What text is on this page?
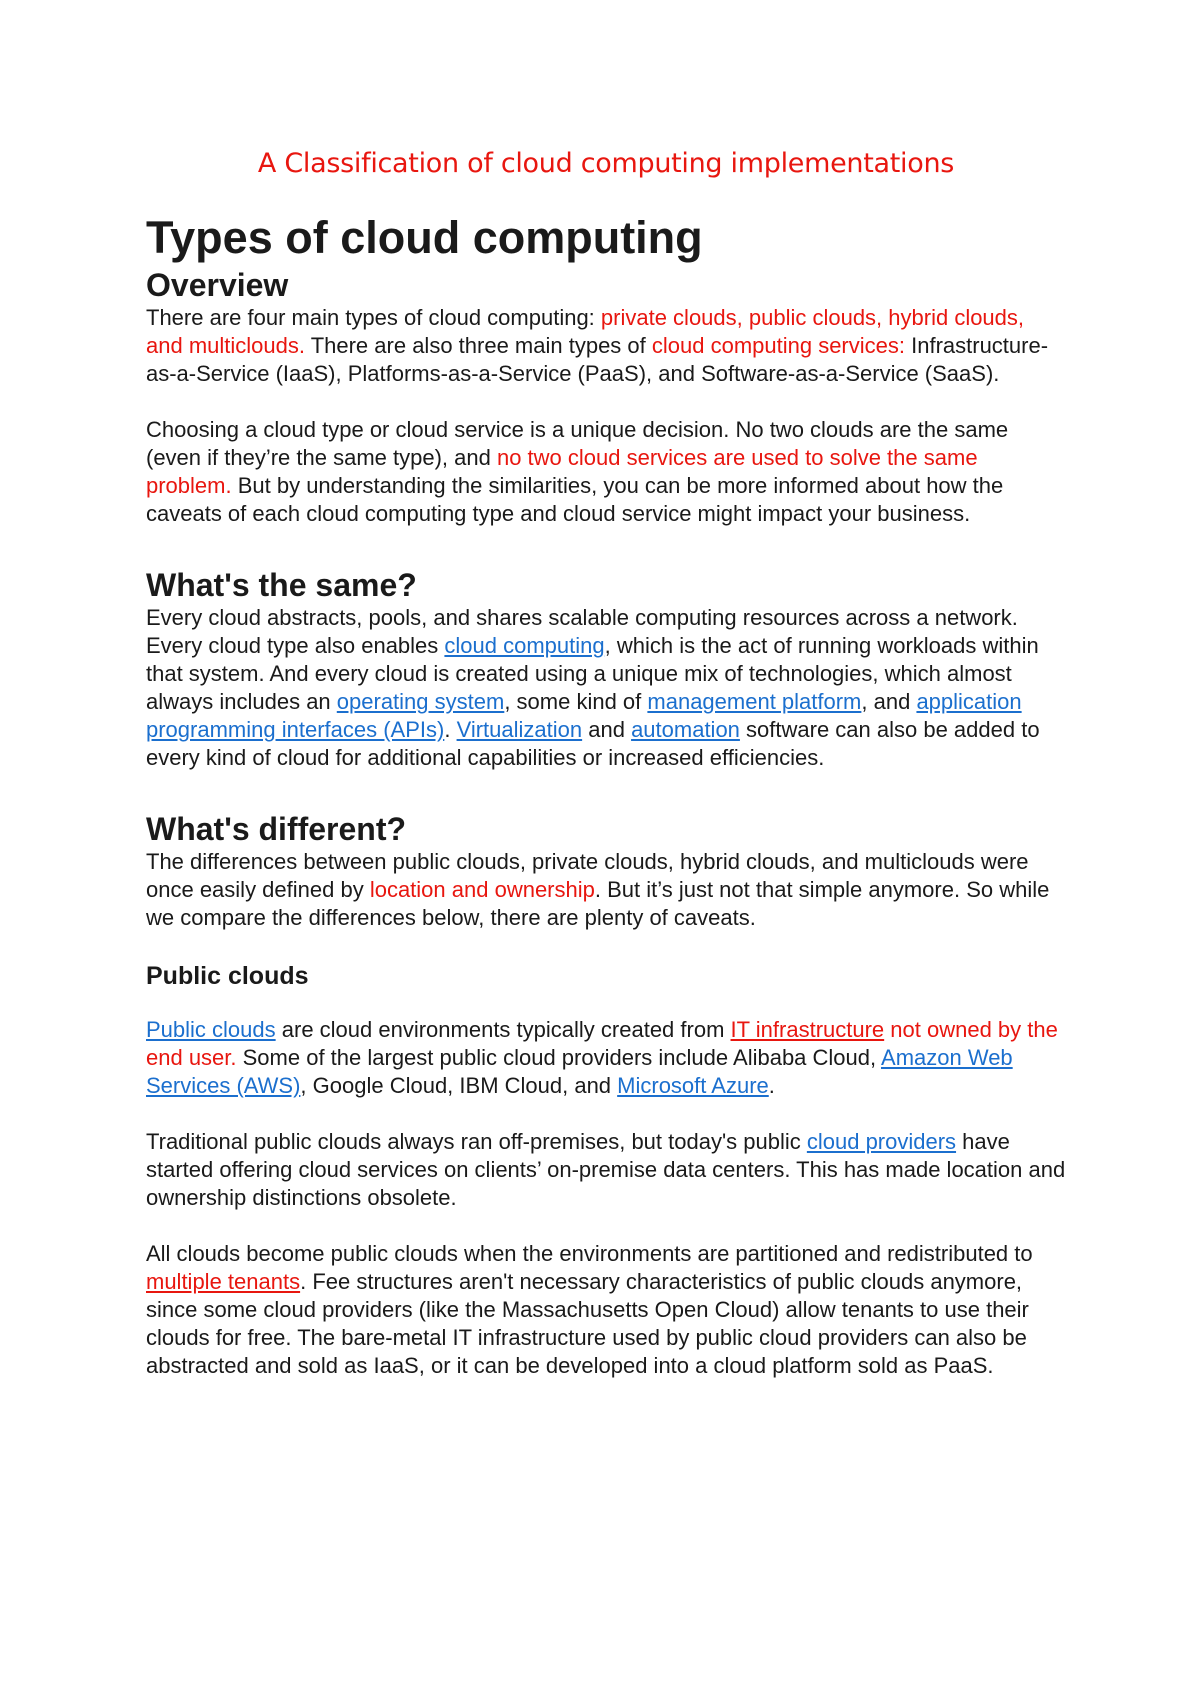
A Classification of cloud computing implementations
Types of cloud computing
Overview

There are four main types of cloud computing: private clouds, public clouds, hybrid clouds, and multiclouds. There are also three main types of cloud computing services: Infrastructure-as-a-Service (IaaS), Platforms-as-a-Service (PaaS), and Software-as-a-Service (SaaS).

Choosing a cloud type or cloud service is a unique decision. No two clouds are the same (even if they’re the same type), and no two cloud services are used to solve the same problem. But by understanding the similarities, you can be more informed about how the caveats of each cloud computing type and cloud service might impact your business.

What's the same?

Every cloud abstracts, pools, and shares scalable computing resources across a network. Every cloud type also enables cloud computing, which is the act of running workloads within that system. And every cloud is created using a unique mix of technologies, which almost always includes an operating system, some kind of management platform, and application programming interfaces (APIs). Virtualization and automation software can also be added to every kind of cloud for additional capabilities or increased efficiencies.

What's different?

The differences between public clouds, private clouds, hybrid clouds, and multiclouds were once easily defined by location and ownership. But it’s just not that simple anymore. So while we compare the differences below, there are plenty of caveats.

Public clouds

Public clouds are cloud environments typically created from IT infrastructure not owned by the end user. Some of the largest public cloud providers include Alibaba Cloud, Amazon Web Services (AWS), Google Cloud, IBM Cloud, and Microsoft Azure.

Traditional public clouds always ran off-premises, but today's public cloud providers have started offering cloud services on clients’ on-premise data centers. This has made location and ownership distinctions obsolete.

All clouds become public clouds when the environments are partitioned and redistributed to multiple tenants. Fee structures aren't necessary characteristics of public clouds anymore, since some cloud providers (like the Massachusetts Open Cloud) allow tenants to use their clouds for free. The bare-metal IT infrastructure used by public cloud providers can also be abstracted and sold as IaaS, or it can be developed into a cloud platform sold as PaaS.
